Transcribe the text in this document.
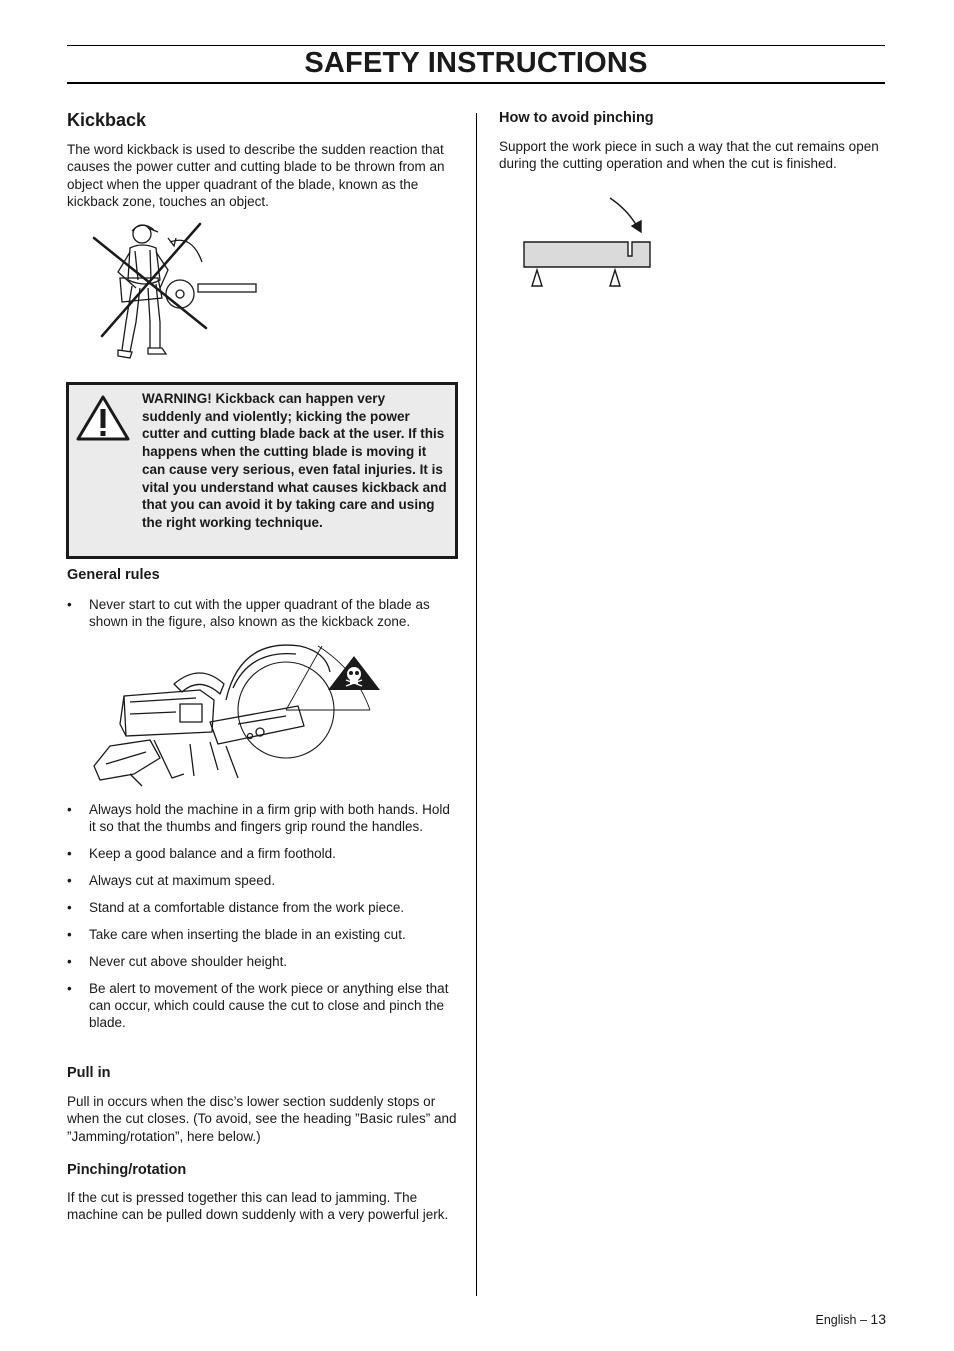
SAFETY INSTRUCTIONS
Kickback
The word kickback is used to describe the sudden reaction that causes the power cutter and cutting blade to be thrown from an object when the upper quadrant of the blade, known as the kickback zone, touches an object.
WARNING! Kickback can happen very suddenly and violently; kicking the power cutter and cutting blade back at the user. If this happens when the cutting blade is moving it can cause very serious, even fatal injuries. It is vital you understand what causes kickback and that you can avoid it by taking care and using the right working technique.
General rules
• Never start to cut with the upper quadrant of the blade as shown in the figure, also known as the kickback zone.
• Always hold the machine in a firm grip with both hands. Hold it so that the thumbs and fingers grip round the handles.
• Keep a good balance and a firm foothold.
• Always cut at maximum speed.
• Stand at a comfortable distance from the work piece.
• Take care when inserting the blade in an existing cut.
• Never cut above shoulder height.
• Be alert to movement of the work piece or anything else that can occur, which could cause the cut to close and pinch the blade.
Pull in
Pull in occurs when the disc’s lower section suddenly stops or when the cut closes. (To avoid, see the heading ”Basic rules” and ”Jamming/rotation”, here below.)
Pinching/rotation
If the cut is pressed together this can lead to jamming. The machine can be pulled down suddenly with a very powerful jerk.
How to avoid pinching
Support the work piece in such a way that the cut remains open during the cutting operation and when the cut is finished.
English – 13
